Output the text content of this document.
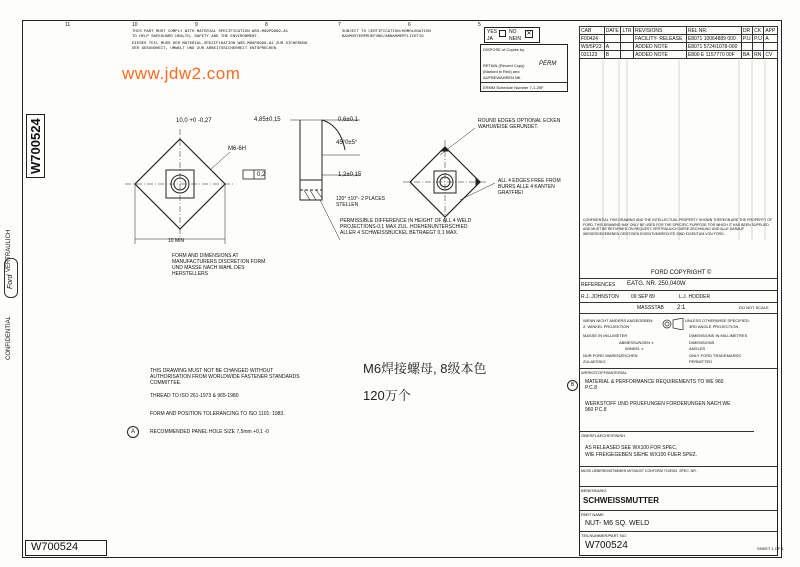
11	10	9	8	7	6	5
W700524
VERTRAULICH
Ford
CONFIDENTIAL
W700524
www.jdw2.com
THIS PART MUST COMPLY WITH MATERIAL SPECIFICATION WSS-M99P9999-A1
TO HELP SAFEGUARD HEALTH, SAFETY AND THE ENVIRONMENT.
DIESES TEIL MUSS DER MATERIAL-SPEZIFIKATION WSS-M99P9999-A1 ZUR SICHERUNG
DER GESUNDHEIT, UMWELT UND ZUR ARBEITSSICHERHEIT ENTSPRECHEN
SUBJECT TO CERTIFICATION/HOMOLOGATION
BAUMUSTERPRUEFUNG/ABNAHMEPFLICHTIG
YES
JA
NO
NEIN
✕
DISPOSE of Copies by
PERM
RETAIN (Record Copy) (Marked in Red) and AUFBEWAHREN Mit
ERMM Schedule Number 7-1-25F
10,0 +0 -0,27
M6-6H
4,85±0,15	0,6±0,1
45°0±5°
1,2±0,15
120° ±10°- 2 PLACES STELLEN
0,2
10 MIN
ROUND EDGES OPTIONAL ECKEN WAHLWEISE GERUNDET.
ALL 4 EDGES FREE FROM BURRS ALLE 4 KANTEN GRATFREI
PERMISSIBLE DIFFERENCE IN HEIGHT OF ALL 4 WELD PROJECTIONS-0,1 MAX ZUL. HOEHENUNTERSCHIED ALLER 4 SCHWEISSBUCKEL BETRAEGT 0,1 MAX.
FORM AND DIMENSIONS AT MANUFACTURERS DISCRETION FORM UND MASSE NACH WAHL DES HERSTELLERS
THIS DRAWING MUST NOT BE CHANGED WITHOUT AUTHORISATION FROM WORLDWIDE FASTENER STANDARDS COMMITTEE.
THREAD TO ISO 261-1973 & 965-1980
FORM AND POSITION TOLERANCING TO ISO 1101: 1983.
RECOMMENDED PANEL HOLE SIZE 7,5mm +0,1 -0
A
M6焊接螺母, 8级本色
120万个
CAB	DATE	LTR	REVISIONS	REL NR.	DR	CK	APP
F00424			FACILITY- RELEASE	E8071 10064889 000	P.U	P.U	A
W9/5P23	A		ADDED NOTE	E8071 5724/1078-000			
031123	B		ADDED NOTE	E800 E 1157770 00F	BA	RN	CV
CONFIDENTIAL THIS DRAWING AND THE INTELLECTUAL PROPERTY SHOWN THEREON ARE THE PROPERTY OF FORD. THIS DRAWING MAY ONLY BE USED FOR THE SPECIFIC PURPOSE FOR WHICH IT HAS BEEN SUPPLIED AND MUST BE RETURNED ON REQUEST. VERTRAULICH DIESE ZEICHNUNG UND ALLE DARAUF WIEDERGEGEBENEN GEISTIGEN EIGENTUMSRECHTE SIND EIGENTUM VON FORD.
FORD COPYRIGHT ©
REFERENCES EATG. NR. 250,040W
R.J. JOHNSTON 09 SEP 89	L.J. HODDER
MASSSTAB 2:1	DO NOT SCALE
WENN NICHT ANDERS ANGEGEBEN:
2. WINKEL PROJEKTION
MASSE IN MILLIMETER
ABMESSUNGEN ±
WINKEL ±
UNLESS OTHERWISE SPECIFIED:
3RD ANGLE PROJECTION
DIMENSIONS IN MILLIMETRES
DIMENSIONS
ANGLES
NUR FORD WARENZEICHEN ZULAESSIG
ONLY FORD TRADEMARKS PERMITTED
WERKSTOFF/MATERIAL
B	MATERIAL & PERFORMANCE REQUIREMENTS TO WE 960 P.C.8
WERKSTOFF UND PRUEFUNGEN FORDERUNGEN NACH WE 960 P.C.8
OBERFLAECHE/FINISH
AS RELEASED SEE WX100 FOR SPEC.
WIE FREIGEGEBEN SIEHE WX100 FUER SPEZ.
MUSS UEBEREINSTIMMEN MIT/MUST CONFORM TO/ENG. SPEC. NR.
BENENNUNG
SCHWEISSMUTTER
PART NAME
NUT- M6 SQ. WELD
TEILNUMMER/PART NO.
W700524	SHEET 1 OF 1
